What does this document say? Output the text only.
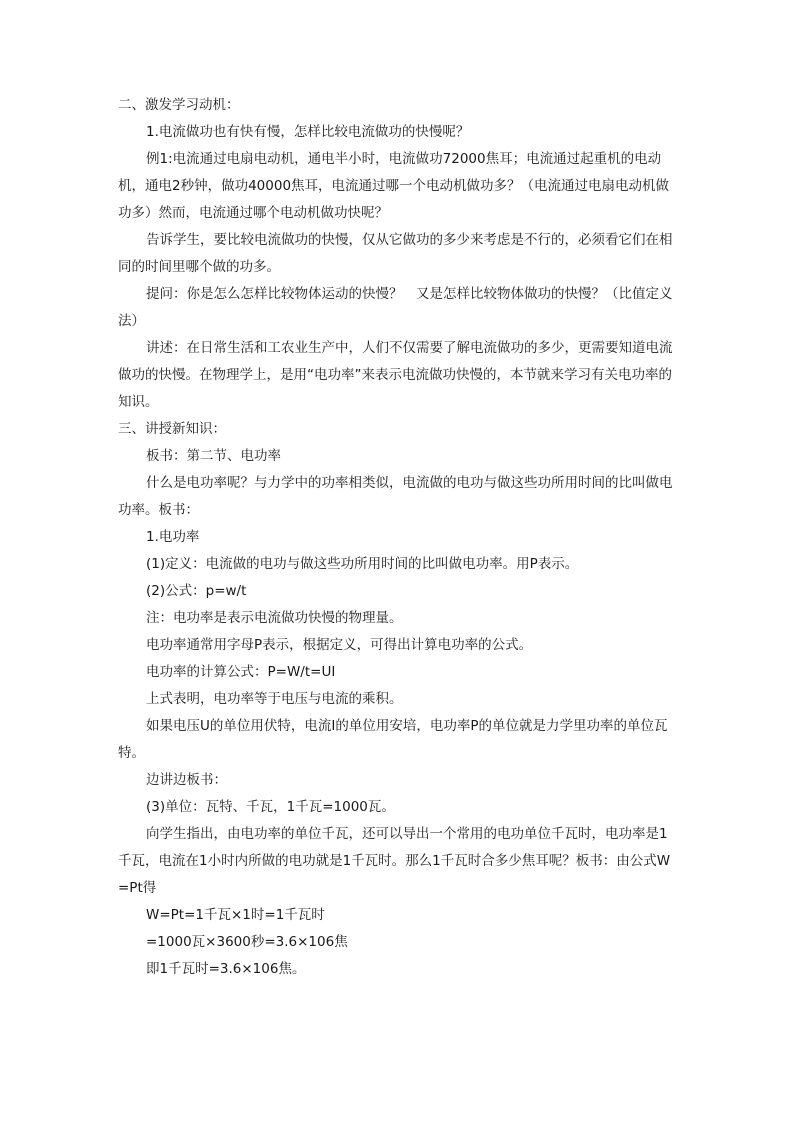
二、激发学习动机：

1.电流做功也有快有慢，怎样比较电流做功的快慢呢？

例1:电流通过电扇电动机，通电半小时，电流做功72000焦耳；电流通过起重机的电动机，通电2秒钟，做功40000焦耳，电流通过哪一个电动机做功多？（电流通过电扇电动机做功多）然而，电流通过哪个电动机做功快呢？

告诉学生，要比较电流做功的快慢，仅从它做功的多少来考虑是不行的，必须看它们在相同的时间里哪个做的功多。

提问：你是怎么怎样比较物体运动的快慢？　又是怎样比较物体做功的快慢？（比值定义法）

讲述：在日常生活和工农业生产中，人们不仅需要了解电流做功的多少，更需要知道电流做功的快慢。在物理学上，是用“电功率”来表示电流做功快慢的，本节就来学习有关电功率的知识。

三、讲授新知识：

板书：第二节、电功率

什么是电功率呢？与力学中的功率相类似，电流做的电功与做这些功所用时间的比叫做电功率。板书：

1.电功率

(1)定义：电流做的电功与做这些功所用时间的比叫做电功率。用P表示。

(2)公式：p=w/t

注：电功率是表示电流做功快慢的物理量。

电功率通常用字母P表示，根据定义，可得出计算电功率的公式。

电功率的计算公式：P=W/t=UI

上式表明，电功率等于电压与电流的乘积。

如果电压U的单位用伏特，电流I的单位用安培，电功率P的单位就是力学里功率的单位瓦特。

边讲边板书：

(3)单位：瓦特、千瓦，1千瓦=1000瓦。

向学生指出，由电功率的单位千瓦，还可以导出一个常用的电功单位千瓦时，电功率是1千瓦，电流在1小时内所做的电功就是1千瓦时。那么1千瓦时合多少焦耳呢？板书：由公式W=Pt得

W=Pt=1千瓦×1时=1千瓦时

=1000瓦×3600秒=3.6×106焦

即1千瓦时=3.6×106焦。
